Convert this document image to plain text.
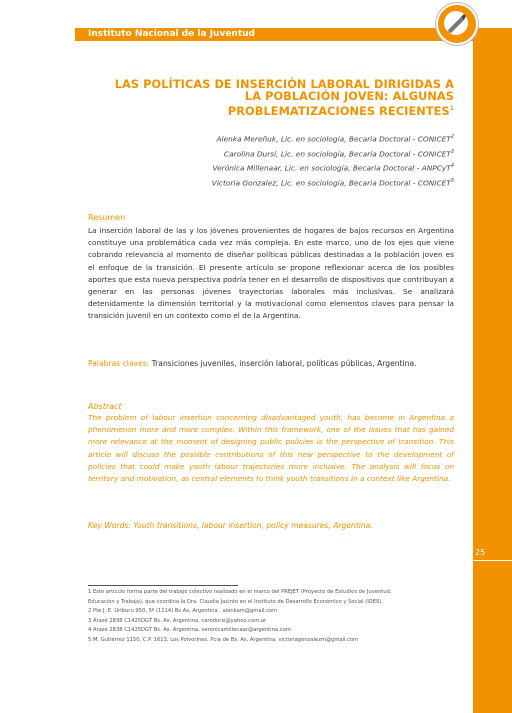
Instituto Nacional de la Juventud
25
LAS POLÍTICAS DE INSERCIÓN LABORAL DIRIGIDAS A
LA POBLACIÓN JOVEN: ALGUNAS
PROBLEMATIZACIONES RECIENTES$^1$
Alenka Mereñuk, Lic. en sociología, Becaria Doctoral - CONICET$^2$
Carolina Dursi, Lic. en sociología, Becaria Doctoral - CONICET$^3$
Verónica Millenaar, Lic. en sociología, Becaria Doctoral - ANPCyT$^4$
Victoria Gonzalez, Lic. en sociología, Becaria Doctoral - CONICET$^5$
Resumen
La inserción laboral de las y los jóvenes provenientes de hogares de bajos recursos en Argentina constituye una problemática cada vez más compleja. En este marco, uno de los ejes que viene cobrando relevancia al momento de diseñar políticas públicas destinadas a la población joven es el enfoque de la transición. El presente artículo se propone reflexionar acerca de los posibles aportes que esta nueva perspectiva podría tener en el desarrollo de dispositivos que contribuyan a generar en las personas jóvenes trayectorias laborales más inclusivas. Se analizará detenidamente la dimensión territorial y la motivacional como elementos claves para pensar la transición juvenil en un contexto como el de la Argentina.
Palabras claves: Transiciones juveniles, inserción laboral, políticas públicas, Argentina.
Abstract
The problem of labour insertion concerning disadvantaged youth, has become in Argentina a phenomenon more and more complex. Within this framework, one of the issues that has gained more relevance at the moment of designing public policies is the perspective of transition. This article will discuss the possible contributions of this new perspective to the development of policies that could make youth labour trajectories more inclusive. The analysis will focus on territory and motivation, as central elements to think youth transitions in a context like Argentina.
Key Words: Youth transitions, labour insertion, policy measures, Argentina.
1 Este artículo forma parte del trabajo colectivo realizado en el marco del PREJET (Proyecto de Estudios de Juventud,
Educación y Trabajo), que coordina la Dra. Claudia Jacinto en el Instituto de Desarrollo Económico y Social (IDES).
2 Pte J. E. Uriburu 950, 5º (1114) Bs As, Argentina , alenkam@gmail.com
3 Arazé 2838 C1425DGT Bs. As. Argentina, carodursi@yahoo.com.ar
4 Arazé 2838 C1425DGT Bs. As. Argentina, veronicamillenaar@argentina.com
5 M. Gutiérrez 1150, C.P. 1613, Los Polvorines, Pcia de Bs. As, Argentina, victoriagonzalezm@gmail.com
